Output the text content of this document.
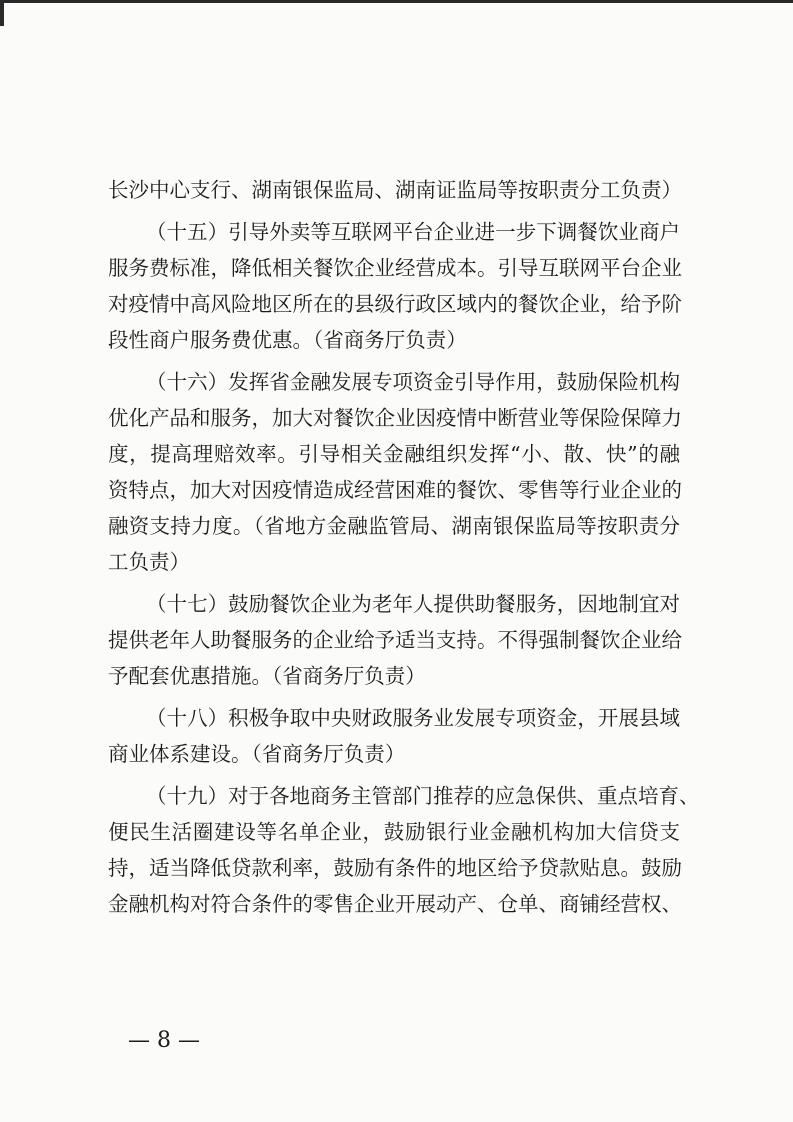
长沙中心支行、湖南银保监局、湖南证监局等按职责分工负责）
（十五）引导外卖等互联网平台企业进一步下调餐饮业商户
服务费标准，降低相关餐饮企业经营成本。引导互联网平台企业
对疫情中高风险地区所在的县级行政区域内的餐饮企业，给予阶
段性商户服务费优惠。（省商务厅负责）
（十六）发挥省金融发展专项资金引导作用，鼓励保险机构
优化产品和服务，加大对餐饮企业因疫情中断营业等保险保障力
度，提高理赔效率。引导相关金融组织发挥“小、散、快”的融
资特点，加大对因疫情造成经营困难的餐饮、零售等行业企业的
融资支持力度。（省地方金融监管局、湖南银保监局等按职责分
工负责）
（十七）鼓励餐饮企业为老年人提供助餐服务，因地制宜对
提供老年人助餐服务的企业给予适当支持。不得强制餐饮企业给
予配套优惠措施。（省商务厅负责）
（十八）积极争取中央财政服务业发展专项资金，开展县域
商业体系建设。（省商务厅负责）
（十九）对于各地商务主管部门推荐的应急保供、重点培育、
便民生活圈建设等名单企业，鼓励银行业金融机构加大信贷支
持，适当降低贷款利率，鼓励有条件的地区给予贷款贴息。鼓励
金融机构对符合条件的零售企业开展动产、仓单、商铺经营权、
— 8 —
